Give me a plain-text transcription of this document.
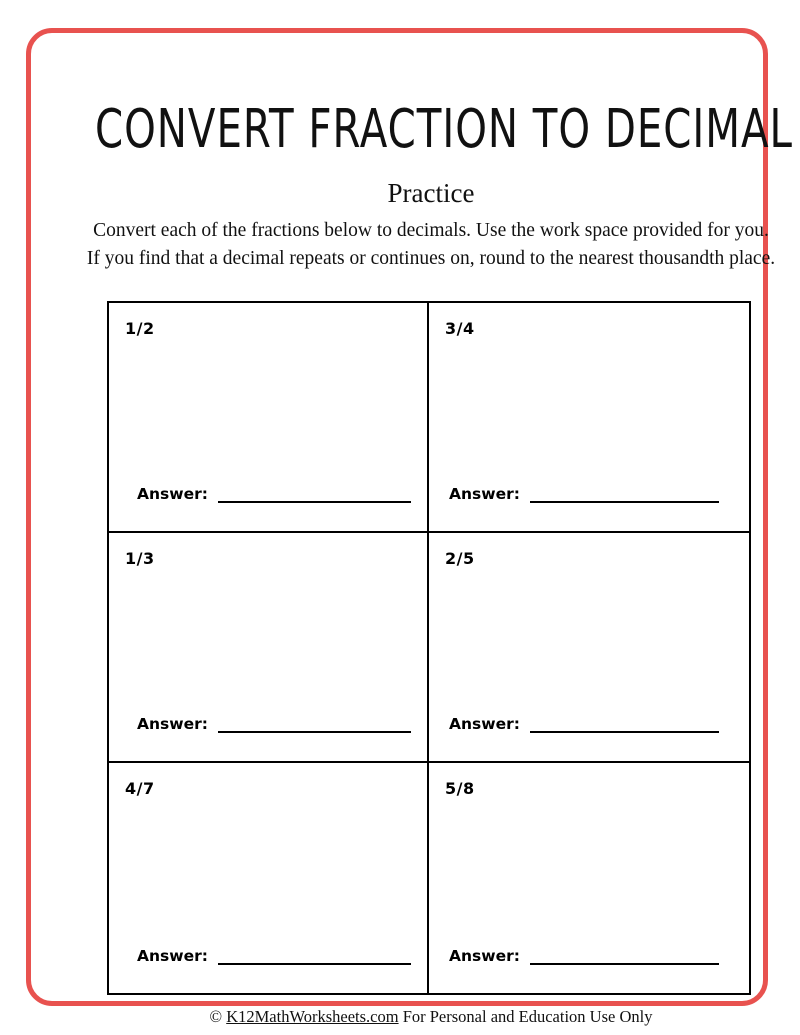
CONVERT FRACTION TO DECIMAL
Practice
Convert each of the fractions below to decimals. Use the work space provided for you. If you find that a decimal repeats or continues on, round to the nearest thousandth place.
1/2
Answer:
3/4
Answer:
1/3
Answer:
2/5
Answer:
4/7
Answer:
5/8
Answer:
© K12MathWorksheets.com For Personal and Education Use Only
